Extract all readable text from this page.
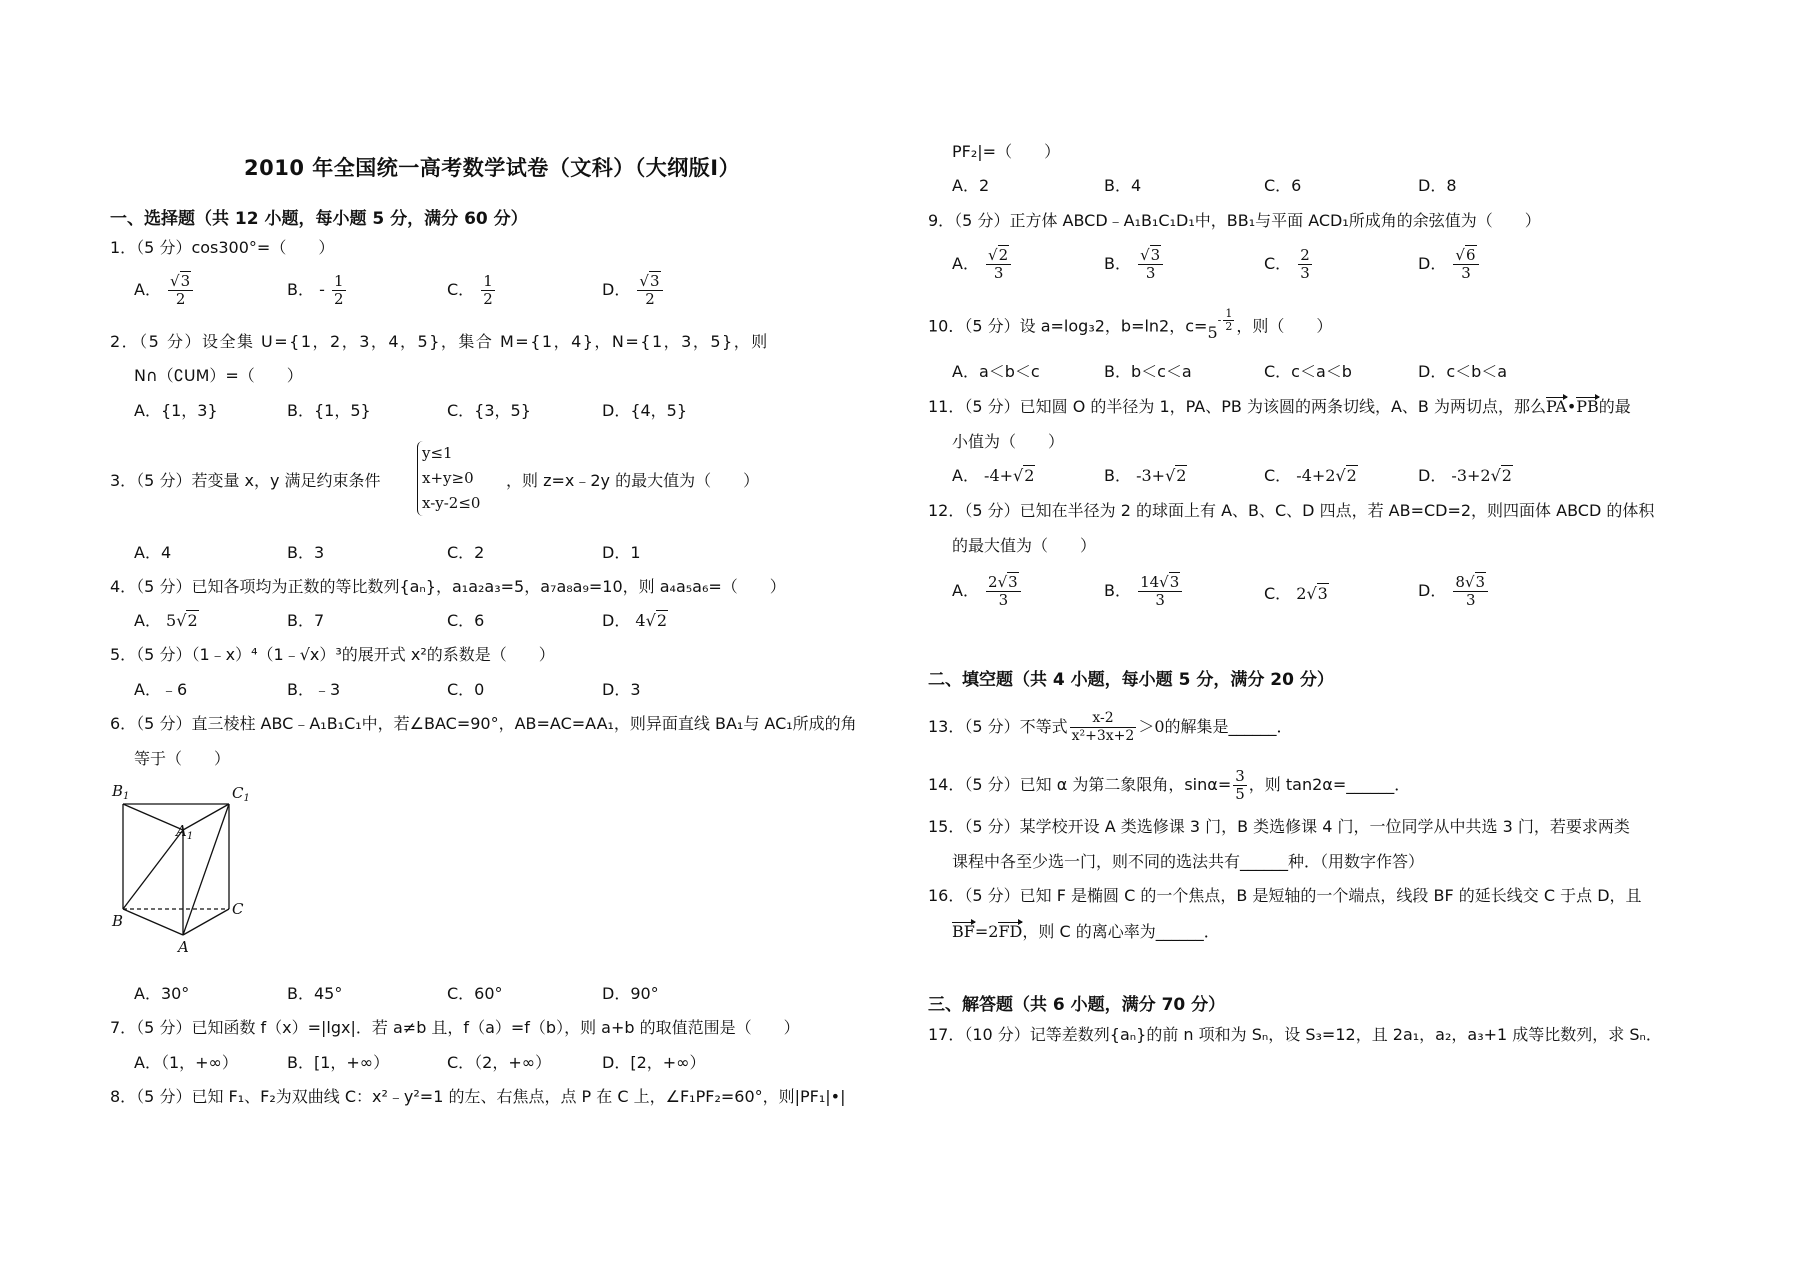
2010 年全国统一高考数学试卷（文科）（大纲版I）
一、选择题（共 12 小题，每小题 5 分，满分 60 分）
1．（5 分）cos300°=（　　）
A． $\frac{√3}{2}$	B． - $\frac{1}{2}$	C． $\frac{1}{2}$	D． $\frac{√3}{2}$
2．（5 分）设全集 U={1，2，3，4，5}，集合 M={1，4}，N={1，3，5}，则
N∩（∁UM）=（　　）
A．{1，3}	B．{1，5}	C．{3，5}	D．{4，5}
3．（5 分）若变量 x，y 满足约束条件
y≤1
x+y≥0
x-y-2≤0
，则 z=x﹣2y 的最大值为（　　）
A．4	B．3	C．2	D．1
4．（5 分）已知各项均为正数的等比数列{aₙ}，a₁a₂a₃=5，a₇a₈a₉=10，则 a₄a₅a₆=（　　）
A． 5√2	B．7	C．6	D． 4√2
5．（5 分）（1﹣x）⁴（1﹣√x）³的展开式 x²的系数是（　　）
A．﹣6	B．﹣3	C．0	D．3
6．（5 分）直三棱柱 ABC﹣A₁B₁C₁中，若∠BAC=90°，AB=AC=AA₁，则异面直线 BA₁与 AC₁所成的角
等于（　　）
$B_1$	$C_1$
$A_1$
B
C
A
A．30°	B．45°	C．60°	D．90°
7．（5 分）已知函数 f（x）=|lgx|．若 a≠b 且，f（a）=f（b），则 a+b 的取值范围是（　　）
A．（1，+∞）	B．[1，+∞）	C．（2，+∞）	D．[2，+∞）
8．（5 分）已知 F₁、F₂为双曲线 C：x²﹣y²=1 的左、右焦点，点 P 在 C 上，∠F₁PF₂=60°，则|PF₁|•|
PF₂|=（　　）
A．2	B．4	C．6	D．8
9．（5 分）正方体 ABCD﹣A₁B₁C₁D₁中，BB₁与平面 ACD₁所成角的余弦值为（　　）
A． $\frac{√2}{3}$	B． $\frac{√3}{3}$	C． $\frac{2}{3}$	D． $\frac{√6}{3}$
10．（5 分）设 a=log₃2，b=ln2，$c=5- \frac{1}{2}$ ，则（　　）
A．a＜b＜c	B．b＜c＜a	C．c＜a＜b	D．c＜b＜a
11．（5 分）已知圆 O 的半径为 1，PA、PB 为该圆的两条切线，A、B 为两切点，那么PA•PB的最
小值为（　　）
A． -4+√2	B． -3+√2	C． -4+2√2	D． -3+2√2
12．（5 分）已知在半径为 2 的球面上有 A、B、C、D 四点，若 AB=CD=2，则四面体 ABCD 的体积
的最大值为（　　）
A． $\frac{2√3}{3}$	B． $\frac{14√3}{3}$	C． 2√3	D． $\frac{8√3}{3}$
二、填空题（共 4 小题，每小题 5 分，满分 20 分）
13．（5 分）不等式 $\frac{x-2}{\text{x²+3x+2}} >0$的解集是______．
14．（5 分）已知 α 为第二象限角，$\sin\alpha= \frac{3}{5}$ ，则 tan2α=______．
15．（5 分）某学校开设 A 类选修课 3 门，B 类选修课 4 门，一位同学从中共选 3 门，若要求两类
课程中各至少选一门，则不同的选法共有______种．（用数字作答）
16．（5 分）已知 F 是椭圆 C 的一个焦点，B 是短轴的一个端点，线段 BF 的延长线交 C 于点 D，且
BF=2FD，则 C 的离心率为______．
三、解答题（共 6 小题，满分 70 分）
17．（10 分）记等差数列{aₙ}的前 n 项和为 Sₙ，设 S₃=12，且 2a₁，a₂，a₃+1 成等比数列，求 Sₙ．
